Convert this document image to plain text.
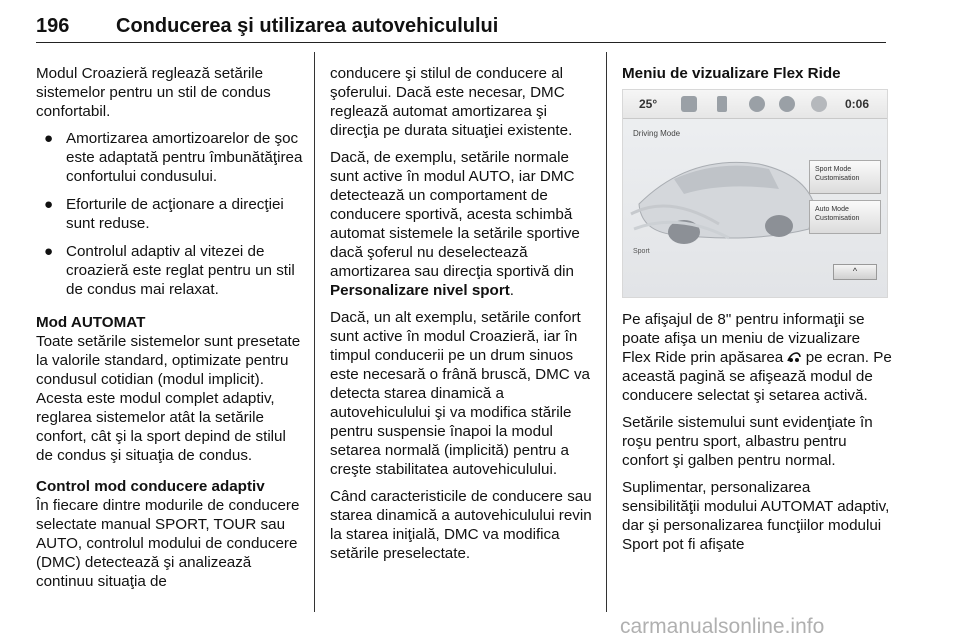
196 Conducerea şi utilizarea autovehiculului

Modul Croazieră reglează setările sistemelor pentru un stil de condus confortabil.

● Amortizarea amortizoarelor de şoc este adaptată pentru îmbunătăţirea confortului condusului.
● Eforturile de acţionare a direcţiei sunt reduse.
● Controlul adaptiv al vitezei de croazieră este reglat pentru un stil de condus mai relaxat.

Mod AUTOMAT

Toate setările sistemelor sunt presetate la valorile standard, optimizate pentru condusul cotidian (modul implicit). Acesta este modul complet adaptiv, reglarea sistemelor atât la setările confort, cât şi la sport depind de stilul de condus şi situaţia de condus.

Control mod conducere adaptiv

În fiecare dintre modurile de conducere selectate manual SPORT, TOUR sau AUTO, controlul modului de conducere (DMC) detectează şi analizează continuu situaţia de

conducere şi stilul de conducere al şoferului. Dacă este necesar, DMC reglează automat amortizarea şi direcţia pe durata situaţiei existente.

Dacă, de exemplu, setările normale sunt active în modul AUTO, iar DMC detectează un comportament de conducere sportivă, acesta schimbă automat sistemele la setările sportive dacă şoferul nu deselectează amortizarea sau direcţia sportivă din Personalizare nivel sport.

Dacă, un alt exemplu, setările confort sunt active în modul Croazieră, iar în timpul conducerii pe un drum sinuos este necesară o frână bruscă, DMC va detecta starea dinamică a autovehiculului şi va modifica stările pentru suspensie înapoi la modul setarea normală (implicită) pentru a creşte stabilitatea autovehiculului.

Când caracteristicile de conducere sau starea dinamică a autovehiculului revin la starea iniţială, DMC va modifica setările preselectate.

Meniu de vizualizare Flex Ride

25°	0:06
Driving Mode
Sport
Sport Mode
Customisation
Auto Mode
Customisation
^

Pe afişajul de 8" pentru informaţii se poate afişa un meniu de vizualizare Flex Ride prin apăsarea  pe ecran. Pe această pagină se afişează modul de conducere selectat şi setarea activă.

Setările sistemului sunt evidenţiate în roşu pentru sport, albastru pentru confort şi galben pentru normal.

Suplimentar, personalizarea sensibilităţii modului AUTOMAT adaptiv, dar şi personalizarea funcţiilor modului Sport pot fi afişate

carmanualsonline.info
